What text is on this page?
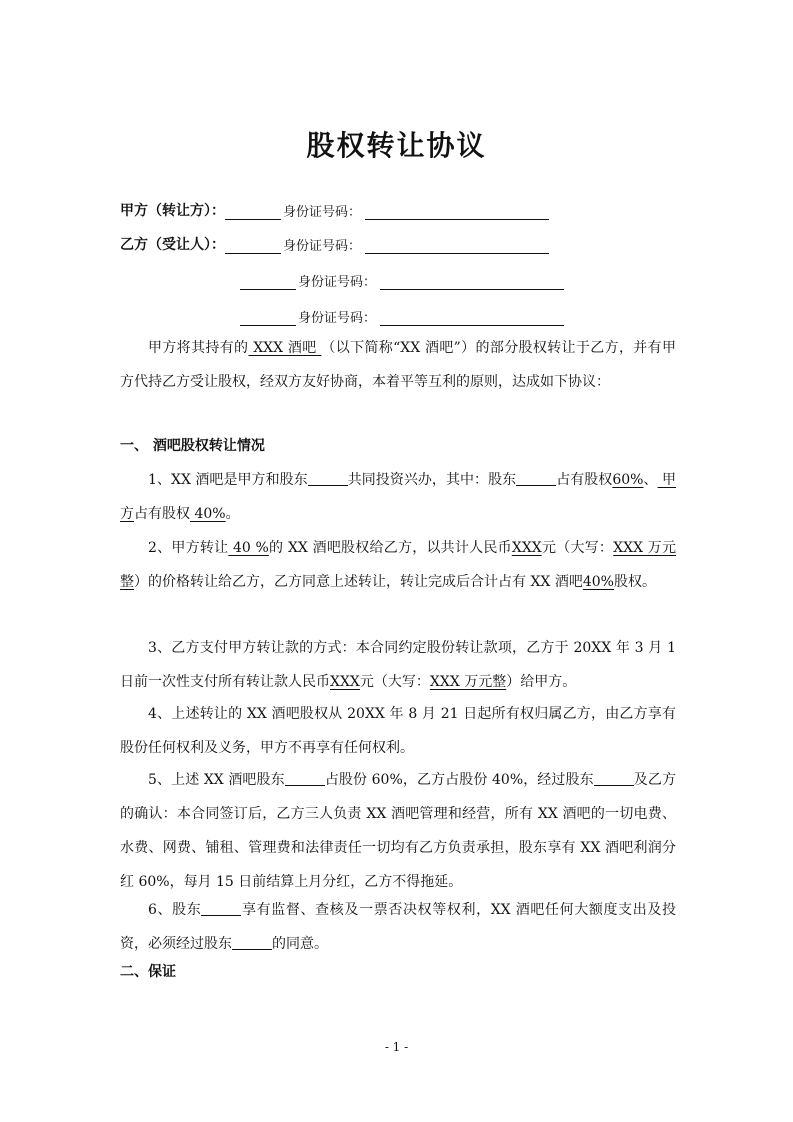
股权转让协议
甲方（转让方）：	身份证号码：
乙方（受让人）：	身份证号码：
身份证号码：
身份证号码：
甲方将其持有的 XXX 酒吧 （以下简称“XX 酒吧”）的部分股权转让于乙方，并有甲方代持乙方受让股权，经双方友好协商，本着平等互利的原则，达成如下协议：
一、 酒吧股权转让情况
1、XX 酒吧是甲方和股东	共同投资兴办，其中：股东	占有股权60%、 甲方占有股权 40%。
2、甲方转让 40 %的 XX 酒吧股权给乙方，以共计人民币XXX元（大写：XXX 万元整）的价格转让给乙方，乙方同意上述转让，转让完成后合计占有 XX 酒吧40%股权。
3、乙方支付甲方转让款的方式：本合同约定股份转让款项，乙方于 20XX 年 3 月 1 日前一次性支付所有转让款人民币XXX元（大写：XXX 万元整）给甲方。
4、上述转让的 XX 酒吧股权从 20XX 年 8 月 21 日起所有权归属乙方，由乙方享有股份任何权利及义务，甲方不再享有任何权利。
5、上述 XX 酒吧股东	占股份 60%，乙方占股份 40%，经过股东	及乙方的确认：本合同签订后，乙方三人负责 XX 酒吧管理和经营，所有 XX 酒吧的一切电费、水费、网费、铺租、管理费和法律责任一切均有乙方负责承担，股东享有 XX 酒吧利润分红 60%，每月 15 日前结算上月分红，乙方不得拖延。
6、股东	享有监督、查核及一票否决权等权利，XX 酒吧任何大额度支出及投资，必须经过股东	的同意。
二、保证
- 1 -
